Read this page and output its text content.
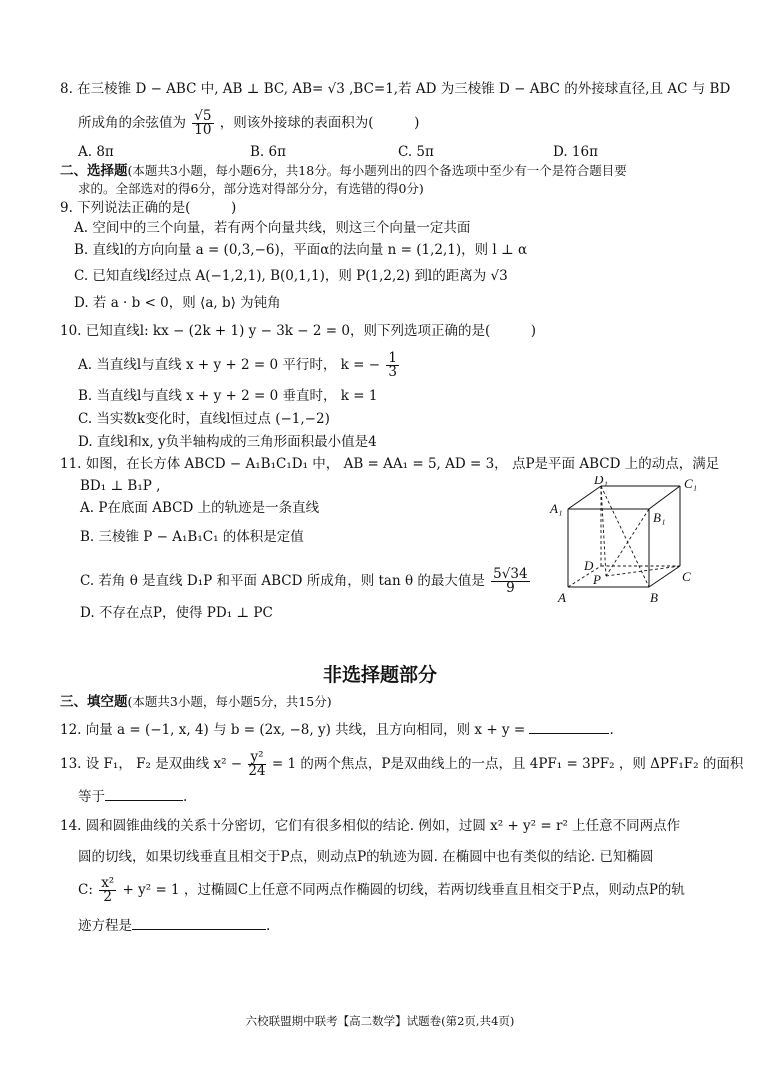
8. 在三棱锥 D − ABC 中, AB ⊥ BC, AB= √3 ,BC=1,若 AD 为三棱锥 D − ABC 的外接球直径,且 AC 与 BD
所成角的余弦值为 $\frac{√5}{10}$ ，则该外接球的表面积为(　　　)
A. 8π	B. 6π	C. 5π	D. 16π
二、选择题(本题共3小题，每小题6分，共18分。每小题列出的四个备选项中至少有一个是符合题目要
求的。全部选对的得6分，部分选对得部分分，有选错的得0分)
9. 下列说法正确的是(　　　)
A. 空间中的三个向量，若有两个向量共线，则这三个向量一定共面
B. 直线l的方向向量 a = (0,3,−6)，平面α的法向量 n = (1,2,1)，则 l ⊥ α
C. 已知直线l经过点 A(−1,2,1), B(0,1,1)，则 P(1,2,2) 到l的距离为 √3
D. 若 a · b < 0，则 ⟨a, b⟩ 为钝角
10. 已知直线l: kx − (2k + 1) y − 3k − 2 = 0，则下列选项正确的是(　　　)
A. 当直线l与直线 x + y + 2 = 0 平行时， k = − $\frac{1}{3}$
B. 当直线l与直线 x + y + 2 = 0 垂直时， k = 1
C. 当实数k变化时，直线l恒过点 (−1,−2)
D. 直线l和x, y负半轴构成的三角形面积最小值是4
11. 如图，在长方体 ABCD − A₁B₁C₁D₁ 中， AB = AA₁ = 5, AD = 3， 点P是平面 ABCD 上的动点，满足
BD₁ ⊥ B₁P ,
A. P在底面 ABCD 上的轨迹是一条直线
B. 三棱锥 P − A₁B₁C₁ 的体积是定值
C. 若角 θ 是直线 D₁P 和平面 ABCD 所成角，则 tan θ 的最大值是 $\frac{5√34}{9}$
D. 不存在点P，使得 PD₁ ⊥ PC
D₁	C₁
A₁
B₁
D
P	C
A	B
非选择题部分
三、填空题(本题共3小题，每小题5分，共15分)
12. 向量 a = (−1, x, 4) 与 b = (2x, −8, y) 共线，且方向相同，则 x + y =	.
13. 设 F₁， F₂ 是双曲线 $x^2 - \frac{\text{y²}}{24} = 1$ 的两个焦点，P是双曲线上的一点，且 4PF₁ = 3PF₂ ，则 ΔPF₁F₂ 的面积
等于	.
14. 圆和圆锥曲线的关系十分密切，它们有很多相似的结论. 例如，过圆 x² + y² = r² 上任意不同两点作
圆的切线，如果切线垂直且相交于P点，则动点P的轨迹为圆. 在椭圆中也有类似的结论. 已知椭圆
C: $\frac{\text{x²}}{2} + y^2 = 1$ ，过椭圆C上任意不同两点作椭圆的切线，若两切线垂直且相交于P点，则动点P的轨
迹方程是	.
六校联盟期中联考【高二数学】试题卷(第2页,共4页)
